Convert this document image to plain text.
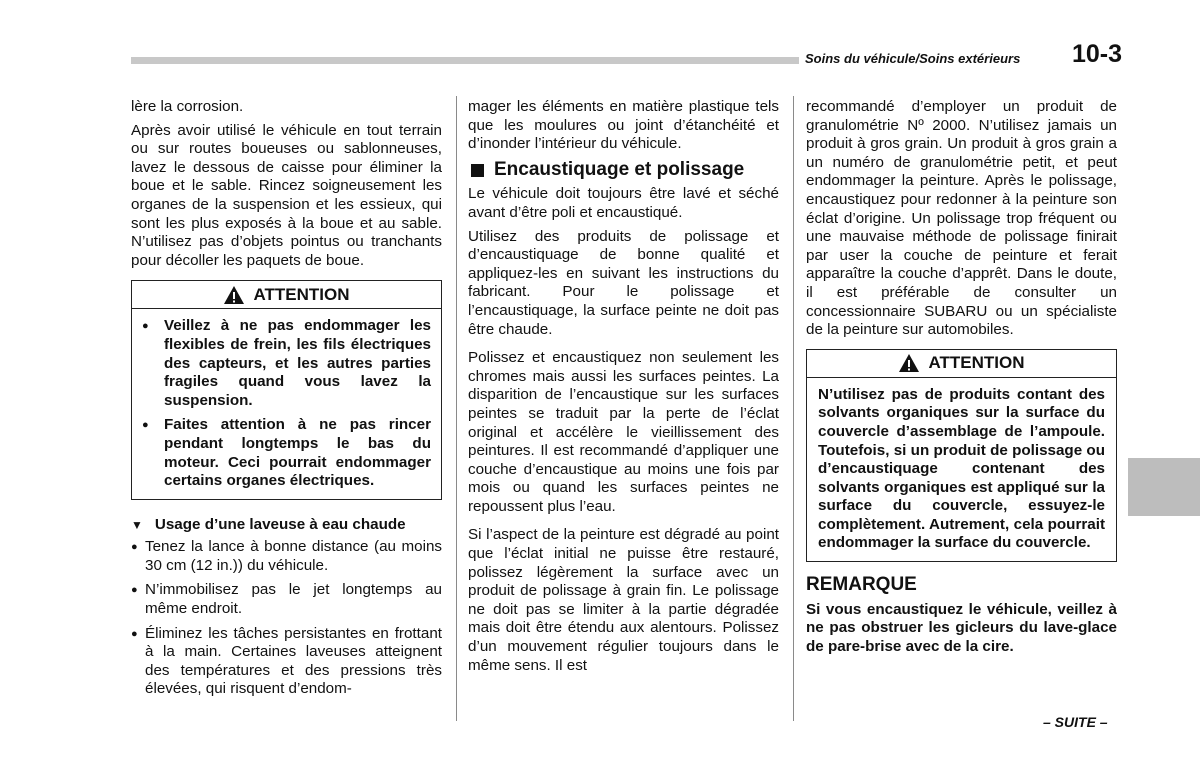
Soins du véhicule/Soins extérieurs 10-3

lère la corrosion.

Après avoir utilisé le véhicule en tout terrain ou sur routes boueuses ou sablonneuses, lavez le dessous de caisse pour éliminer la boue et le sable. Rincez soigneusement les organes de la suspension et les essieux, qui sont les plus exposés à la boue et au sable. N’utilisez pas d’objets pointus ou tranchants pour décoller les paquets de boue.

ATTENTION
●	Veillez à ne pas endommager les flexibles de frein, les fils électriques des capteurs, et les autres parties fragiles quand vous lavez la suspension.
●	Faites attention à ne pas rincer pendant longtemps le bas du moteur. Ceci pourrait endommager certains organes électriques.
▼ Usage d’une laveuse à eau chaude
● Tenez la lance à bonne distance (au moins 30 cm (12 in.)) du véhicule.
● N’immobilisez pas le jet longtemps au même endroit.
● Éliminez les tâches persistantes en frottant à la main. Certaines laveuses atteignent des températures et des pressions très élevées, qui risquent d’endom-

mager les éléments en matière plastique tels que les moulures ou joint d’étanchéité et d’inonder l’intérieur du véhicule.

Encaustiquage et polissage

Le véhicule doit toujours être lavé et séché avant d’être poli et encaustiqué.

Utilisez des produits de polissage et d’encaustiquage de bonne qualité et appliquez-les en suivant les instructions du fabricant. Pour le polissage et l’encaustiquage, la surface peinte ne doit pas être chaude.

Polissez et encaustiquez non seulement les chromes mais aussi les surfaces peintes. La disparition de l’encaustique sur les surfaces peintes se traduit par la perte de l’éclat original et accélère le vieillissement des peintures. Il est recommandé d’appliquer une couche d’encaustique au moins une fois par mois ou quand les surfaces peintes ne repoussent plus l’eau.

Si l’aspect de la peinture est dégradé au point que l’éclat initial ne puisse être restauré, polissez légèrement la surface avec un produit de polissage à grain fin. Le polissage ne doit pas se limiter à la partie dégradée mais doit être étendu aux alentours. Polissez d’un mouvement régulier toujours dans le même sens. Il est

recommandé d’employer un produit de granulométrie Nº 2000. N’utilisez jamais un produit à gros grain. Un produit à gros grain a un numéro de granulométrie petit, et peut endommager la peinture. Après le polissage, encaustiquez pour redonner à la peinture son éclat d’origine. Un polissage trop fréquent ou une mauvaise méthode de polissage finirait par user la couche de peinture et ferait apparaître la couche d’apprêt. Dans le doute, il est préférable de consulter un concessionnaire SUBARU ou un spécialiste de la peinture sur automobiles.

ATTENTION
N’utilisez pas de produits contant des solvants organiques sur la surface du couvercle d’assemblage de l’ampoule. Toutefois, si un produit de polissage ou d’encaustiquage contenant des solvants organiques est appliqué sur la surface du couvercle, essuyez-le complètement. Autrement, cela pourrait endommager la surface du couvercle.
REMARQUE

Si vous encaustiquez le véhicule, veillez à ne pas obstruer les gicleurs du lave-glace de pare-brise avec de la cire.

– SUITE –
